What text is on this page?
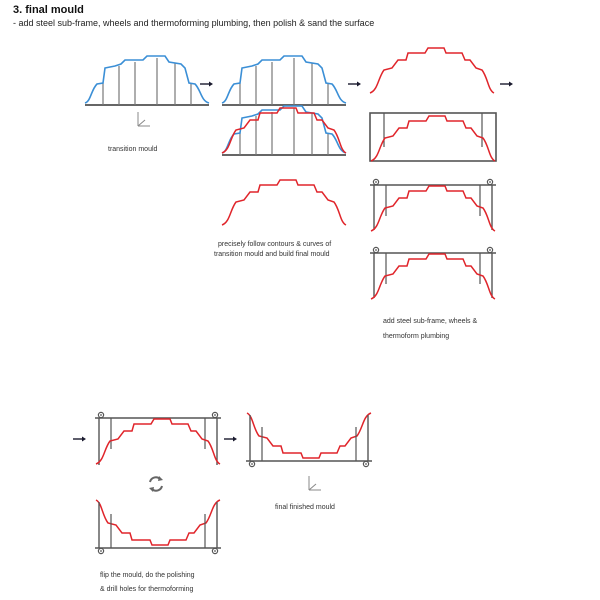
3. final mould
- add steel sub-frame, wheels and thermoforming plumbing, then polish & sand the surface
transition mould
precisely follow contours & curves of
transition mould and build final mould
add steel sub-frame, wheels &
thermoform plumbing
final finished mould
flip the mould, do the polishing
& drill holes for thermoforming
